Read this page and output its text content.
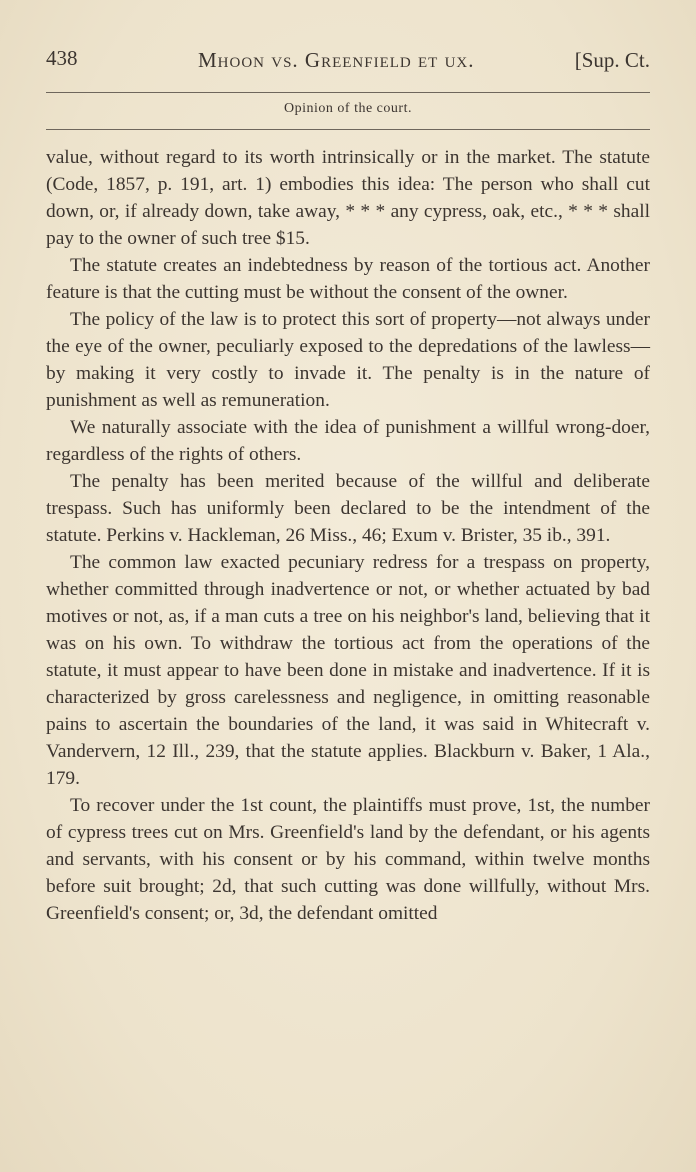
438	Mhoon vs. Greenfield et ux.	[Sup. Ct.
Opinion of the court.

value, without regard to its worth intrinsically or in the market. The statute (Code, 1857, p. 191, art. 1) embodies this idea: The person who shall cut down, or, if already down, take away, * * * any cypress, oak, etc., * * * shall pay to the owner of such tree $15.

The statute creates an indebtedness by reason of the tortious act. Another feature is that the cutting must be without the consent of the owner.

The policy of the law is to protect this sort of property—not always under the eye of the owner, peculiarly exposed to the depredations of the lawless—by making it very costly to invade it. The penalty is in the nature of punishment as well as remuneration.

We naturally associate with the idea of punishment a willful wrong-doer, regardless of the rights of others.

The penalty has been merited because of the willful and deliberate trespass. Such has uniformly been declared to be the intendment of the statute. Perkins v. Hackleman, 26 Miss., 46; Exum v. Brister, 35 ib., 391.

The common law exacted pecuniary redress for a trespass on property, whether committed through inadvertence or not, or whether actuated by bad motives or not, as, if a man cuts a tree on his neighbor's land, believing that it was on his own. To withdraw the tortious act from the operations of the statute, it must appear to have been done in mistake and inadvertence. If it is characterized by gross carelessness and negligence, in omitting reasonable pains to ascertain the boundaries of the land, it was said in Whitecraft v. Vandervern, 12 Ill., 239, that the statute applies. Blackburn v. Baker, 1 Ala., 179.

To recover under the 1st count, the plaintiffs must prove, 1st, the number of cypress trees cut on Mrs. Greenfield's land by the defendant, or his agents and servants, with his consent or by his command, within twelve months before suit brought; 2d, that such cutting was done willfully, without Mrs. Greenfield's consent; or, 3d, the defendant omitted
